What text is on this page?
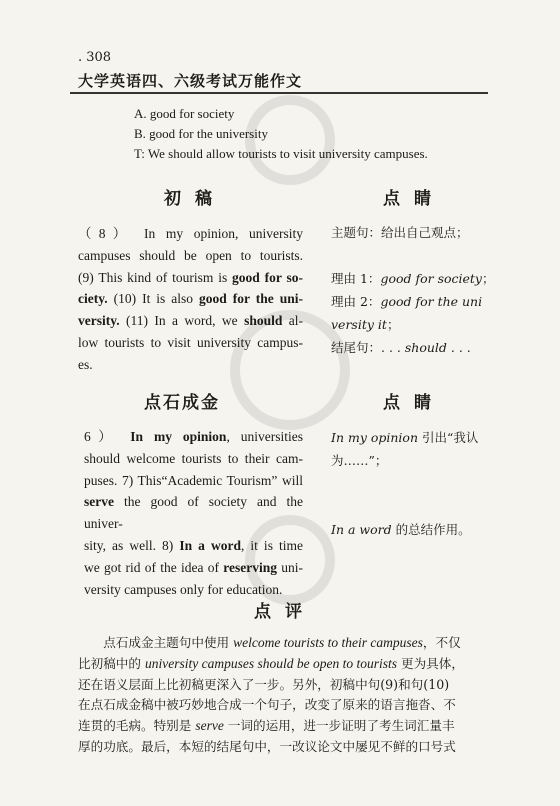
. 308
大学英语四、六级考试万能作文
A. good for society
B. good for the university
T: We should allow tourists to visit university campuses.
初稿	点睛
（8） In my opinion, university
campuses should be open to tourists.
(9) This kind of tourism is good for so-
ciety. (10) It is also good for the uni-
versity. (11) In a word, we should al-
low tourists to visit university campus-
es.
主题句：给出自己观点；

理由 1：good for society；
理由 2：good for the uni
versity it；
结尾句：. . . should . . .
点石成金	点睛
6） In my opinion, universities
should welcome tourists to their cam-
puses. 7) This“Academic Tourism” will
serve the good of society and the univer-
sity, as well. 8) In a word, it is time
we got rid of the idea of reserving uni-
versity campuses only for education.
In my opinion 引出“我认
为……”；

In a word 的总结作用。
点评
　　点石成金主题句中使用 welcome tourists to their campuses，不仅
比初稿中的 university campuses should be open to tourists 更为具体，
还在语义层面上比初稿更深入了一步。另外，初稿中句(9)和句(10)
在点石成金稿中被巧妙地合成一个句子，改变了原来的语言拖沓、不
连贯的毛病。特别是 serve 一词的运用，进一步证明了考生词汇量丰
厚的功底。最后，本短的结尾句中，一改议论文中屡见不鲜的口号式
